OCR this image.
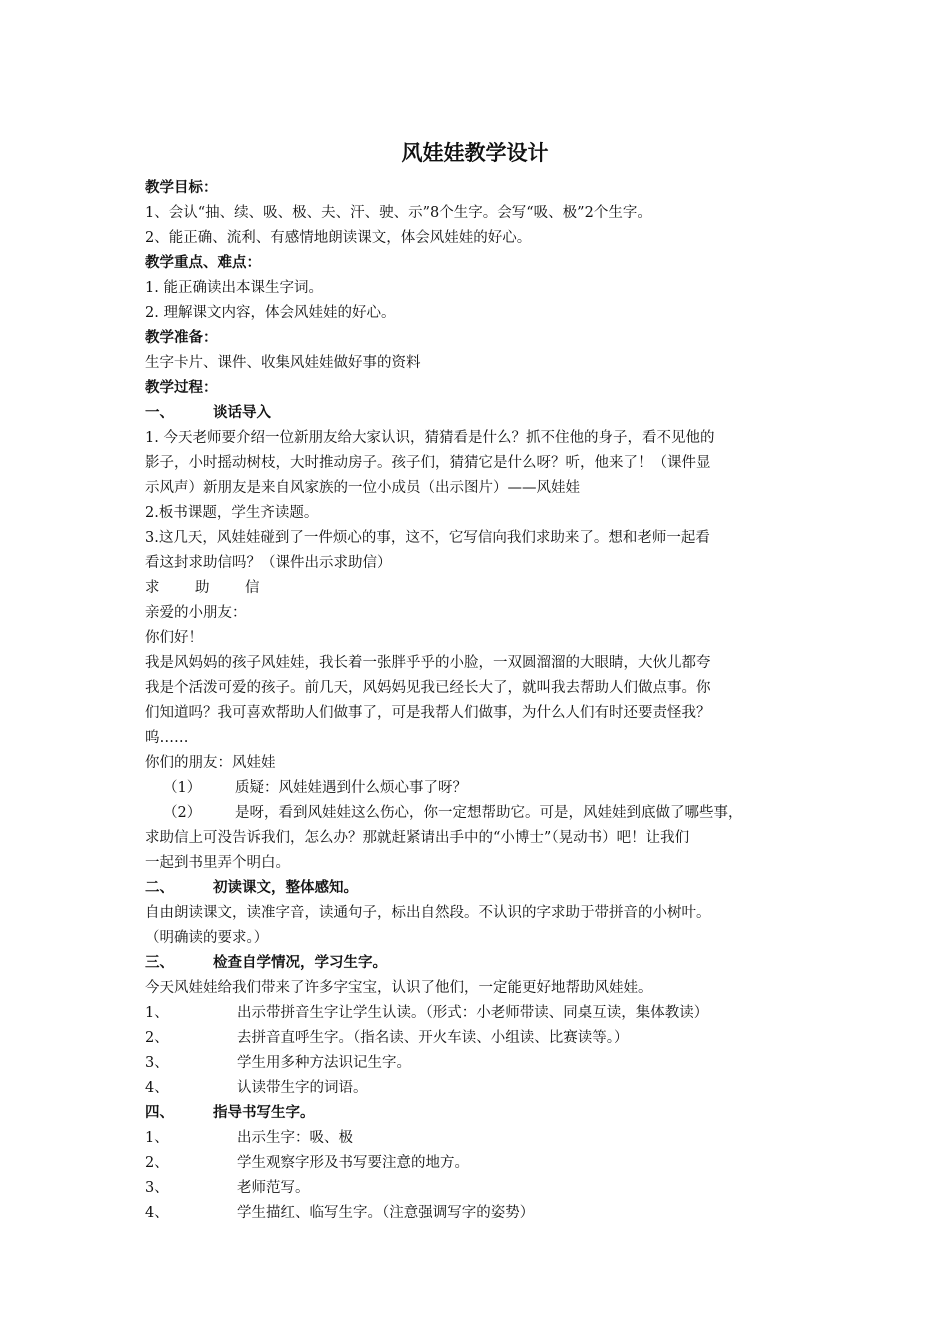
风娃娃教学设计

教学目标：

1、会认“抽、续、吸、极、夫、汗、驶、示”8个生字。会写“吸、极”2个生字。

2、能正确、流利、有感情地朗读课文，体会风娃娃的好心。

教学重点、难点：

1. 能正确读出本课生字词。

2. 理解课文内容，体会风娃娃的好心。

教学准备：

生字卡片、课件、收集风娃娃做好事的资料

教学过程：

一、	谈话导入

1. 今天老师要介绍一位新朋友给大家认识，猜猜看是什么？抓不住他的身子，看不见他的

影子，小时摇动树枝，大时推动房子。孩子们，猜猜它是什么呀？听，他来了！（课件显

示风声）新朋友是来自风家族的一位小成员（出示图片）——风娃娃

2.板书课题，学生齐读题。

3.这几天，风娃娃碰到了一件烦心的事，这不，它写信向我们求助来了。想和老师一起看

看这封求助信吗？（课件出示求助信）

求 助 信

亲爱的小朋友：

你们好！

我是风妈妈的孩子风娃娃，我长着一张胖乎乎的小脸，一双圆溜溜的大眼睛，大伙儿都夸

我是个活泼可爱的孩子。前几天，风妈妈见我已经长大了，就叫我去帮助人们做点事。你

们知道吗？我可喜欢帮助人们做事了，可是我帮人们做事，为什么人们有时还要责怪我？

呜……

你们的朋友：风娃娃

（1） 质疑：风娃娃遇到什么烦心事了呀？

（2） 是呀，看到风娃娃这么伤心，你一定想帮助它。可是，风娃娃到底做了哪些事，

求助信上可没告诉我们，怎么办？那就赶紧请出手中的“小博士”（晃动书）吧！让我们

一起到书里弄个明白。

二、	初读课文，整体感知。

自由朗读课文，读准字音，读通句子，标出自然段。不认识的字求助于带拼音的小树叶。

（明确读的要求。）

三、	检查自学情况，学习生字。

今天风娃娃给我们带来了许多字宝宝，认识了他们，一定能更好地帮助风娃娃。

1、	出示带拼音生字让学生认读。（形式：小老师带读、同桌互读，集体教读）

2、	去拼音直呼生字。（指名读、开火车读、小组读、比赛读等。）

3、	学生用多种方法识记生字。

4、	认读带生字的词语。

四、	指导书写生字。

1、	出示生字：吸、极

2、	学生观察字形及书写要注意的地方。

3、	老师范写。

4、	学生描红、临写生字。（注意强调写字的姿势）
